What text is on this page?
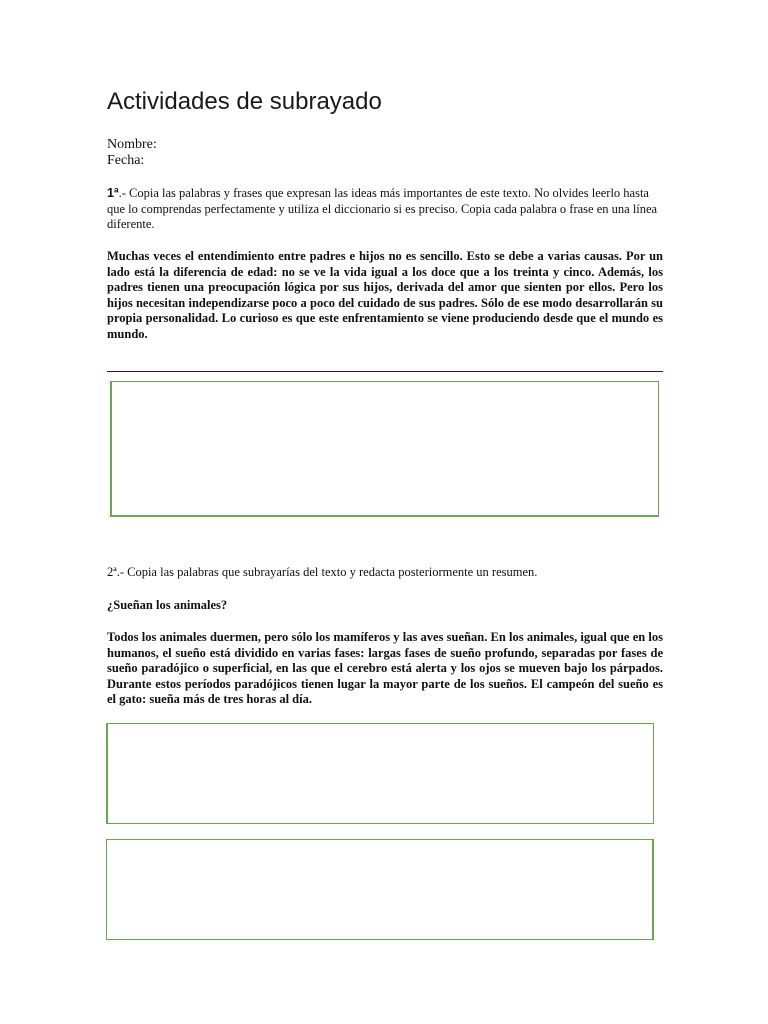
Actividades de subrayado
Nombre:
Fecha:

1ª.- Copia las palabras y frases que expresan las ideas más importantes de este texto. No olvides leerlo hasta que lo comprendas perfectamente y utiliza el diccionario si es preciso. Copia cada palabra o frase en una línea diferente.

Muchas veces el entendimiento entre padres e hijos no es sencillo. Esto se debe a varias causas. Por un lado está la diferencia de edad: no se ve la vida igual a los doce que a los treinta y cinco. Además, los padres tienen una preocupación lógica por sus hijos, derivada del amor que sienten por ellos. Pero los hijos necesitan independizarse poco a poco del cuidado de sus padres. Sólo de ese modo desarrollarán su propia personalidad. Lo curioso es que este enfrentamiento se viene produciendo desde que el mundo es mundo.

2ª.- Copia las palabras que subrayarías del texto y redacta posteriormente un resumen.

¿Sueñan los animales?

Todos los animales duermen, pero sólo los mamíferos y las aves sueñan. En los animales, igual que en los humanos, el sueño está dividido en varias fases: largas fases de sueño profundo, separadas por fases de sueño paradójico o superficial, en las que el cerebro está alerta y los ojos se mueven bajo los párpados. Durante estos períodos paradójicos tienen lugar la mayor parte de los sueños. El campeón del sueño es el gato: sueña más de tres horas al día.
